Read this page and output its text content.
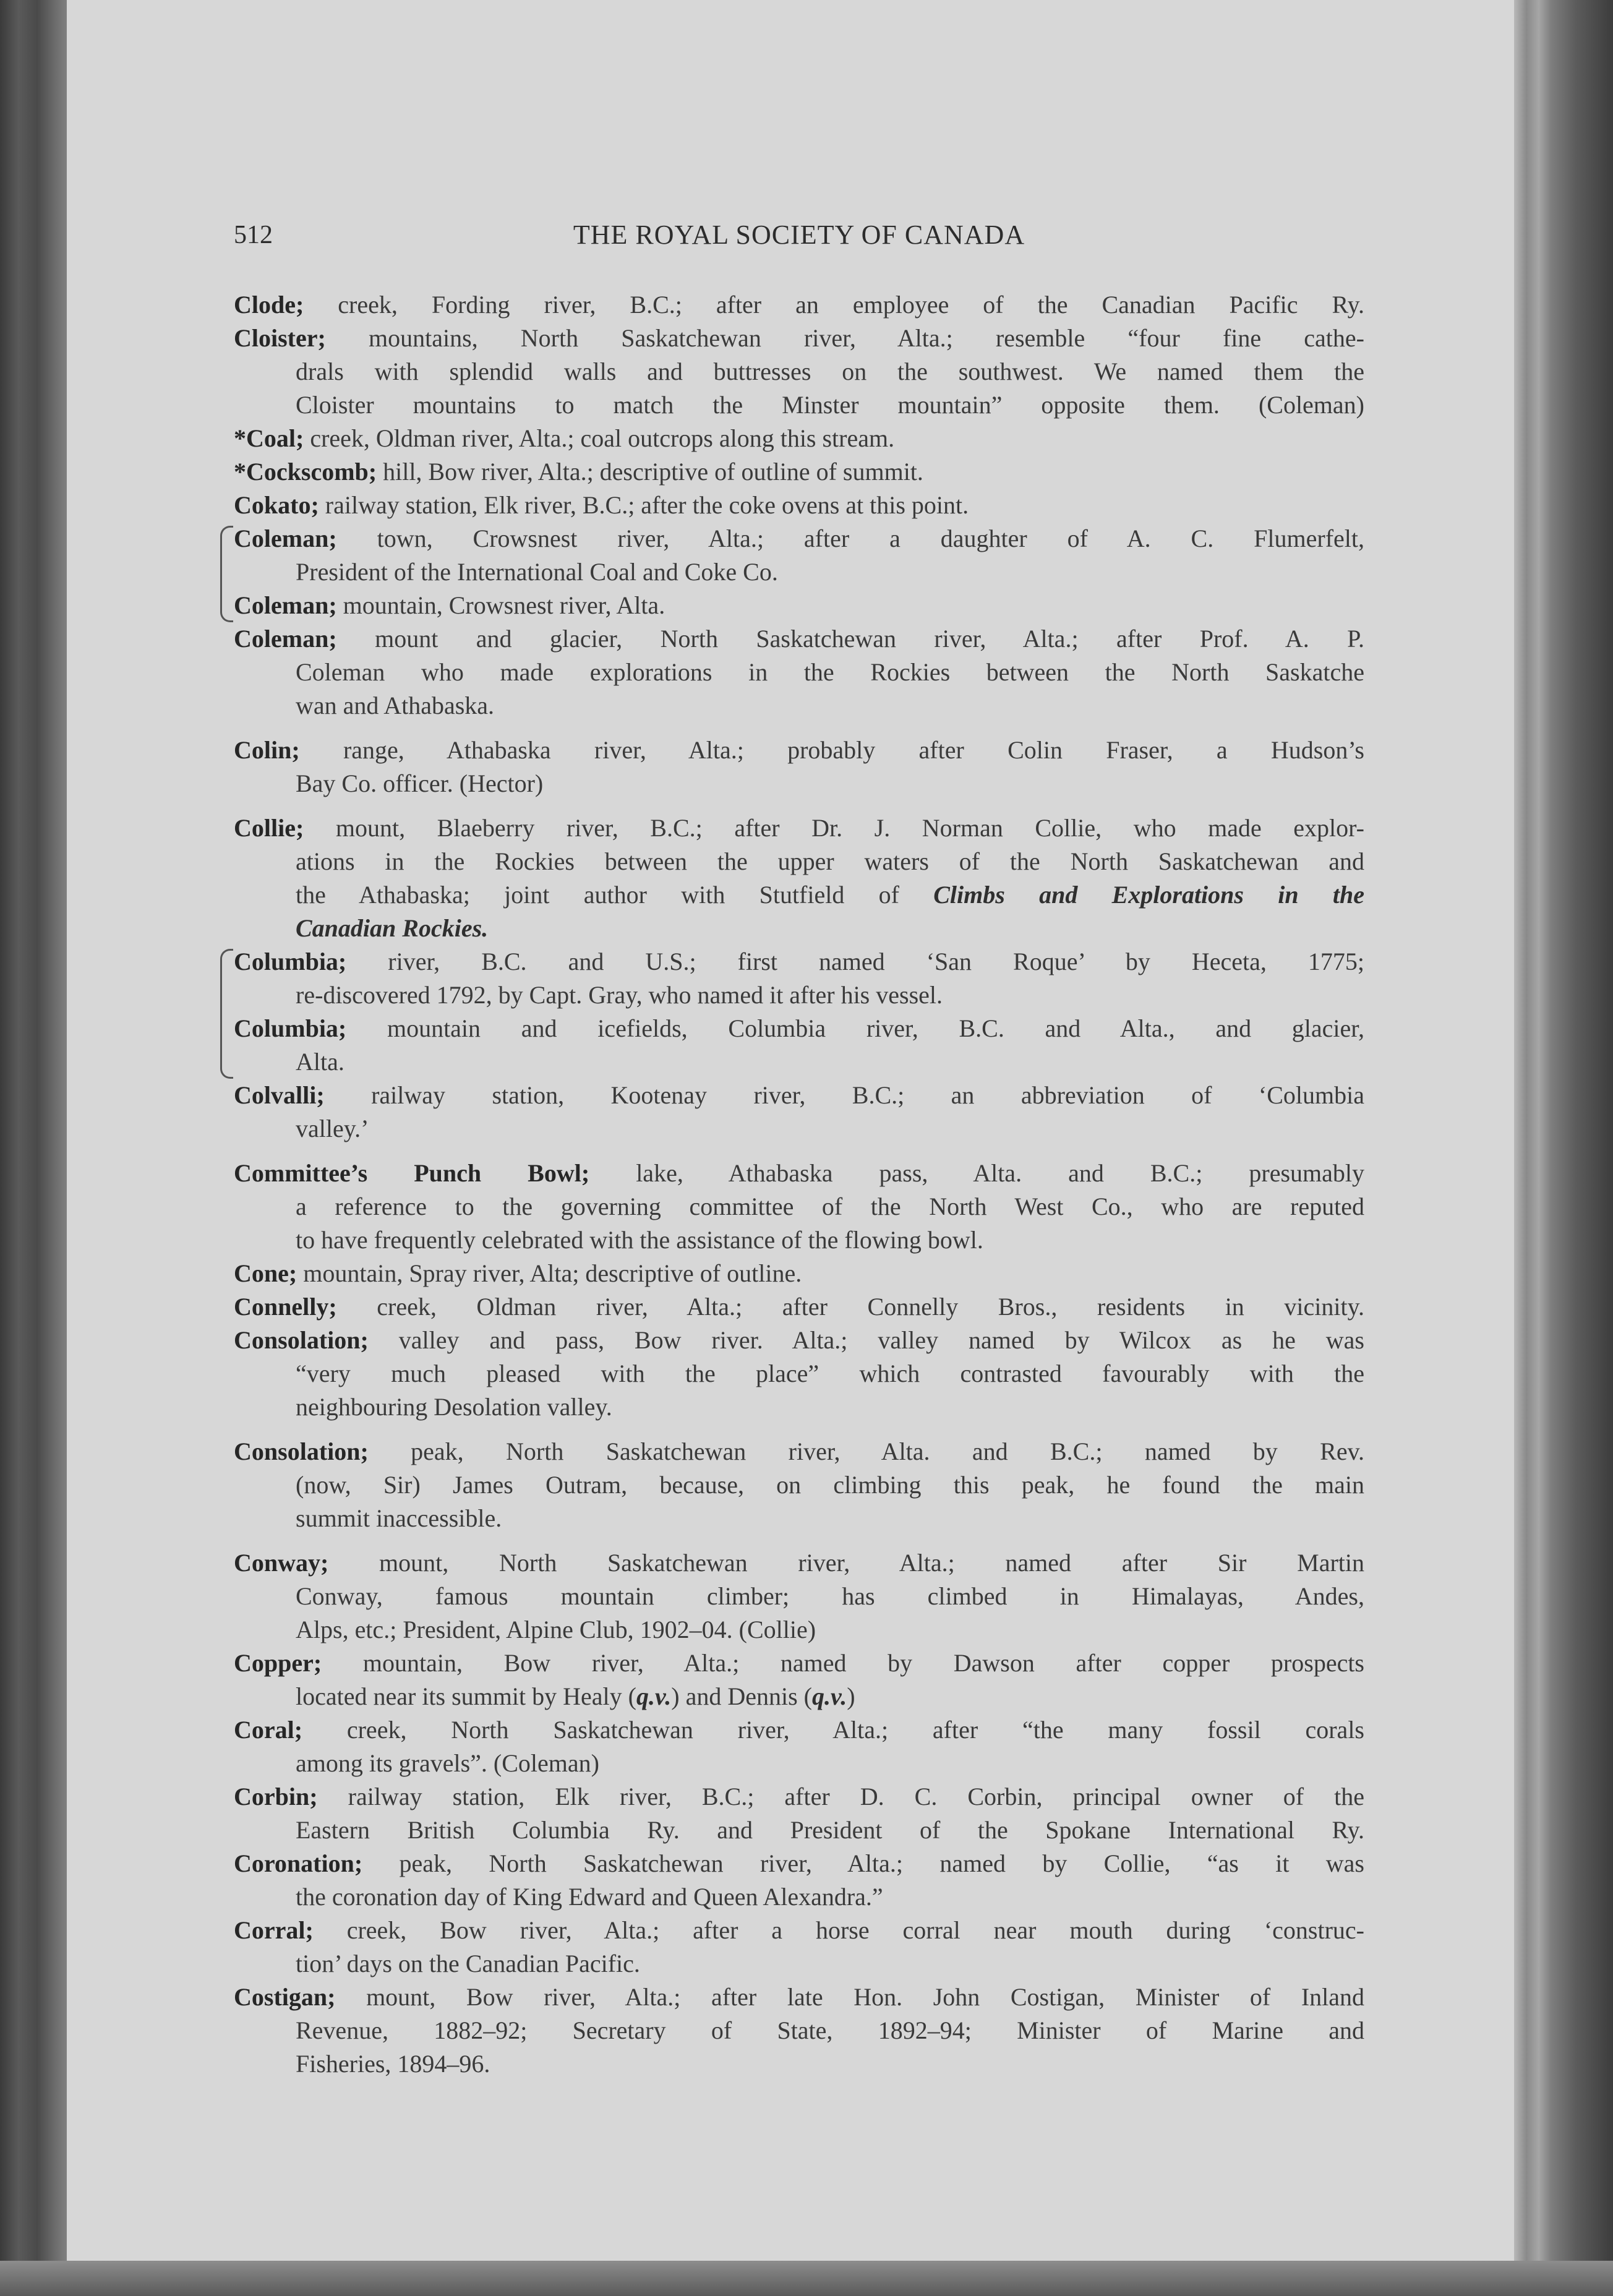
THE ROYAL SOCIETY OF CANADA
512
Clode; creek, Fording river, B.C.; after an employee of the Canadian Pacific Ry.
Cloister; mountains, North Saskatchewan river, Alta.; resemble “four fine cathe-
drals with splendid walls and buttresses on the southwest. We named them the
Cloister mountains to match the Minster mountain” opposite them. (Coleman)
*Coal; creek, Oldman river, Alta.; coal outcrops along this stream.
*Cockscomb; hill, Bow river, Alta.; descriptive of outline of summit.
Cokato; railway station, Elk river, B.C.; after the coke ovens at this point.
Coleman; town, Crowsnest river, Alta.; after a daughter of A. C. Flumerfelt,
President of the International Coal and Coke Co.
Coleman; mountain, Crowsnest river, Alta.
Coleman; mount and glacier, North Saskatchewan river, Alta.; after Prof. A. P.
Coleman who made explorations in the Rockies between the North Saskatche
wan and Athabaska.
Colin; range, Athabaska river, Alta.; probably after Colin Fraser, a Hudson’s
Bay Co. officer. (Hector)
Collie; mount, Blaeberry river, B.C.; after Dr. J. Norman Collie, who made explor-
ations in the Rockies between the upper waters of the North Saskatchewan and
the Athabaska; joint author with Stutfield of Climbs and Explorations in the
Canadian Rockies.
Columbia; river, B.C. and U.S.; first named ‘San Roque’ by Heceta, 1775;
re-discovered 1792, by Capt. Gray, who named it after his vessel.
Columbia; mountain and icefields, Columbia river, B.C. and Alta., and glacier,
Alta.
Colvalli; railway station, Kootenay river, B.C.; an abbreviation of ‘Columbia
valley.’
Committee’s Punch Bowl; lake, Athabaska pass, Alta. and B.C.; presumably
a reference to the governing committee of the North West Co., who are reputed
to have frequently celebrated with the assistance of the flowing bowl.
Cone; mountain, Spray river, Alta; descriptive of outline.
Connelly; creek, Oldman river, Alta.; after Connelly Bros., residents in vicinity.
Consolation; valley and pass, Bow river. Alta.; valley named by Wilcox as he was
“very much pleased with the place” which contrasted favourably with the
neighbouring Desolation valley.
Consolation; peak, North Saskatchewan river, Alta. and B.C.; named by Rev.
(now, Sir) James Outram, because, on climbing this peak, he found the main
summit inaccessible.
Conway; mount, North Saskatchewan river, Alta.; named after Sir Martin
Conway, famous mountain climber; has climbed in Himalayas, Andes,
Alps, etc.; President, Alpine Club, 1902–04. (Collie)
Copper; mountain, Bow river, Alta.; named by Dawson after copper prospects
located near its summit by Healy (q.v.) and Dennis (q.v.)
Coral; creek, North Saskatchewan river, Alta.; after “the many fossil corals
among its gravels”. (Coleman)
Corbin; railway station, Elk river, B.C.; after D. C. Corbin, principal owner of the
Eastern British Columbia Ry. and President of the Spokane International Ry.
Coronation; peak, North Saskatchewan river, Alta.; named by Collie, “as it was
the coronation day of King Edward and Queen Alexandra.”
Corral; creek, Bow river, Alta.; after a horse corral near mouth during ‘construc-
tion’ days on the Canadian Pacific.
Costigan; mount, Bow river, Alta.; after late Hon. John Costigan, Minister of Inland
Revenue, 1882–92; Secretary of State, 1892–94; Minister of Marine and
Fisheries, 1894–96.
